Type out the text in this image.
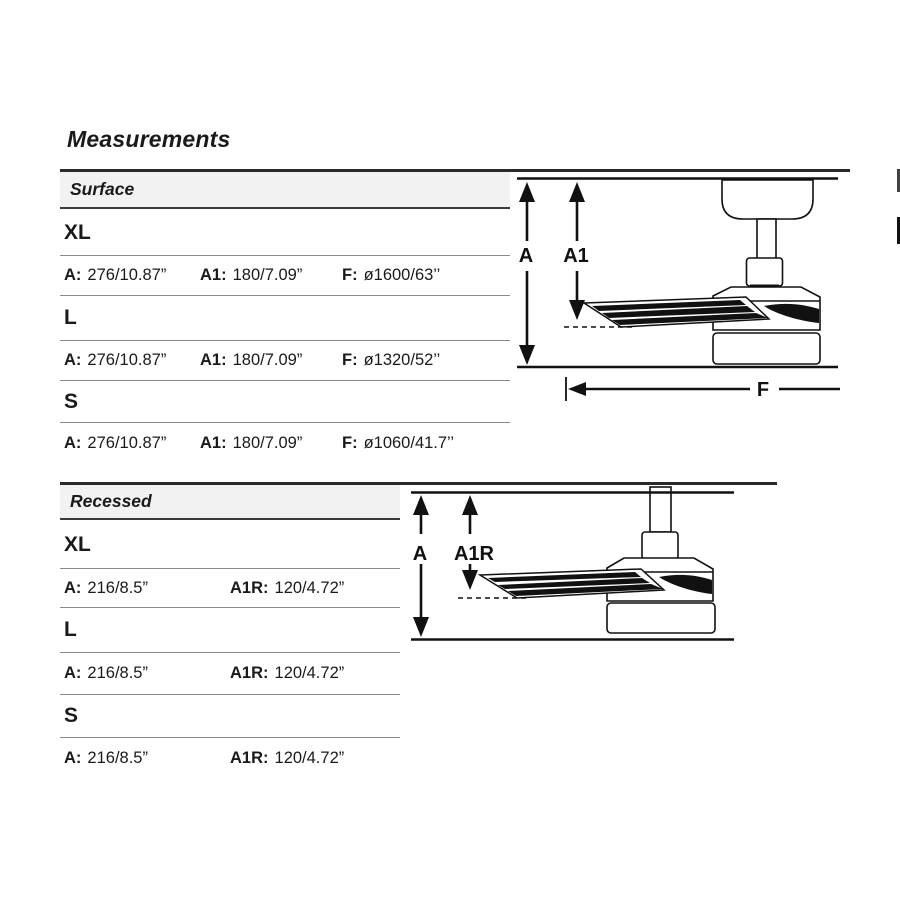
Measurements
Surface
XL
A: 276/10.87” A1: 180/7.09” F: ø1600/63’’
L
A: 276/10.87” A1: 180/7.09” F: ø1320/52’’
S
A: 276/10.87” A1: 180/7.09” F: ø1060/41.7’’
A A1
F
Recessed
XL
A: 216/8.5”	A1R: 120/4.72”
L
A: 216/8.5”	A1R: 120/4.72”
S
A: 216/8.5”	A1R: 120/4.72”
A A1R
